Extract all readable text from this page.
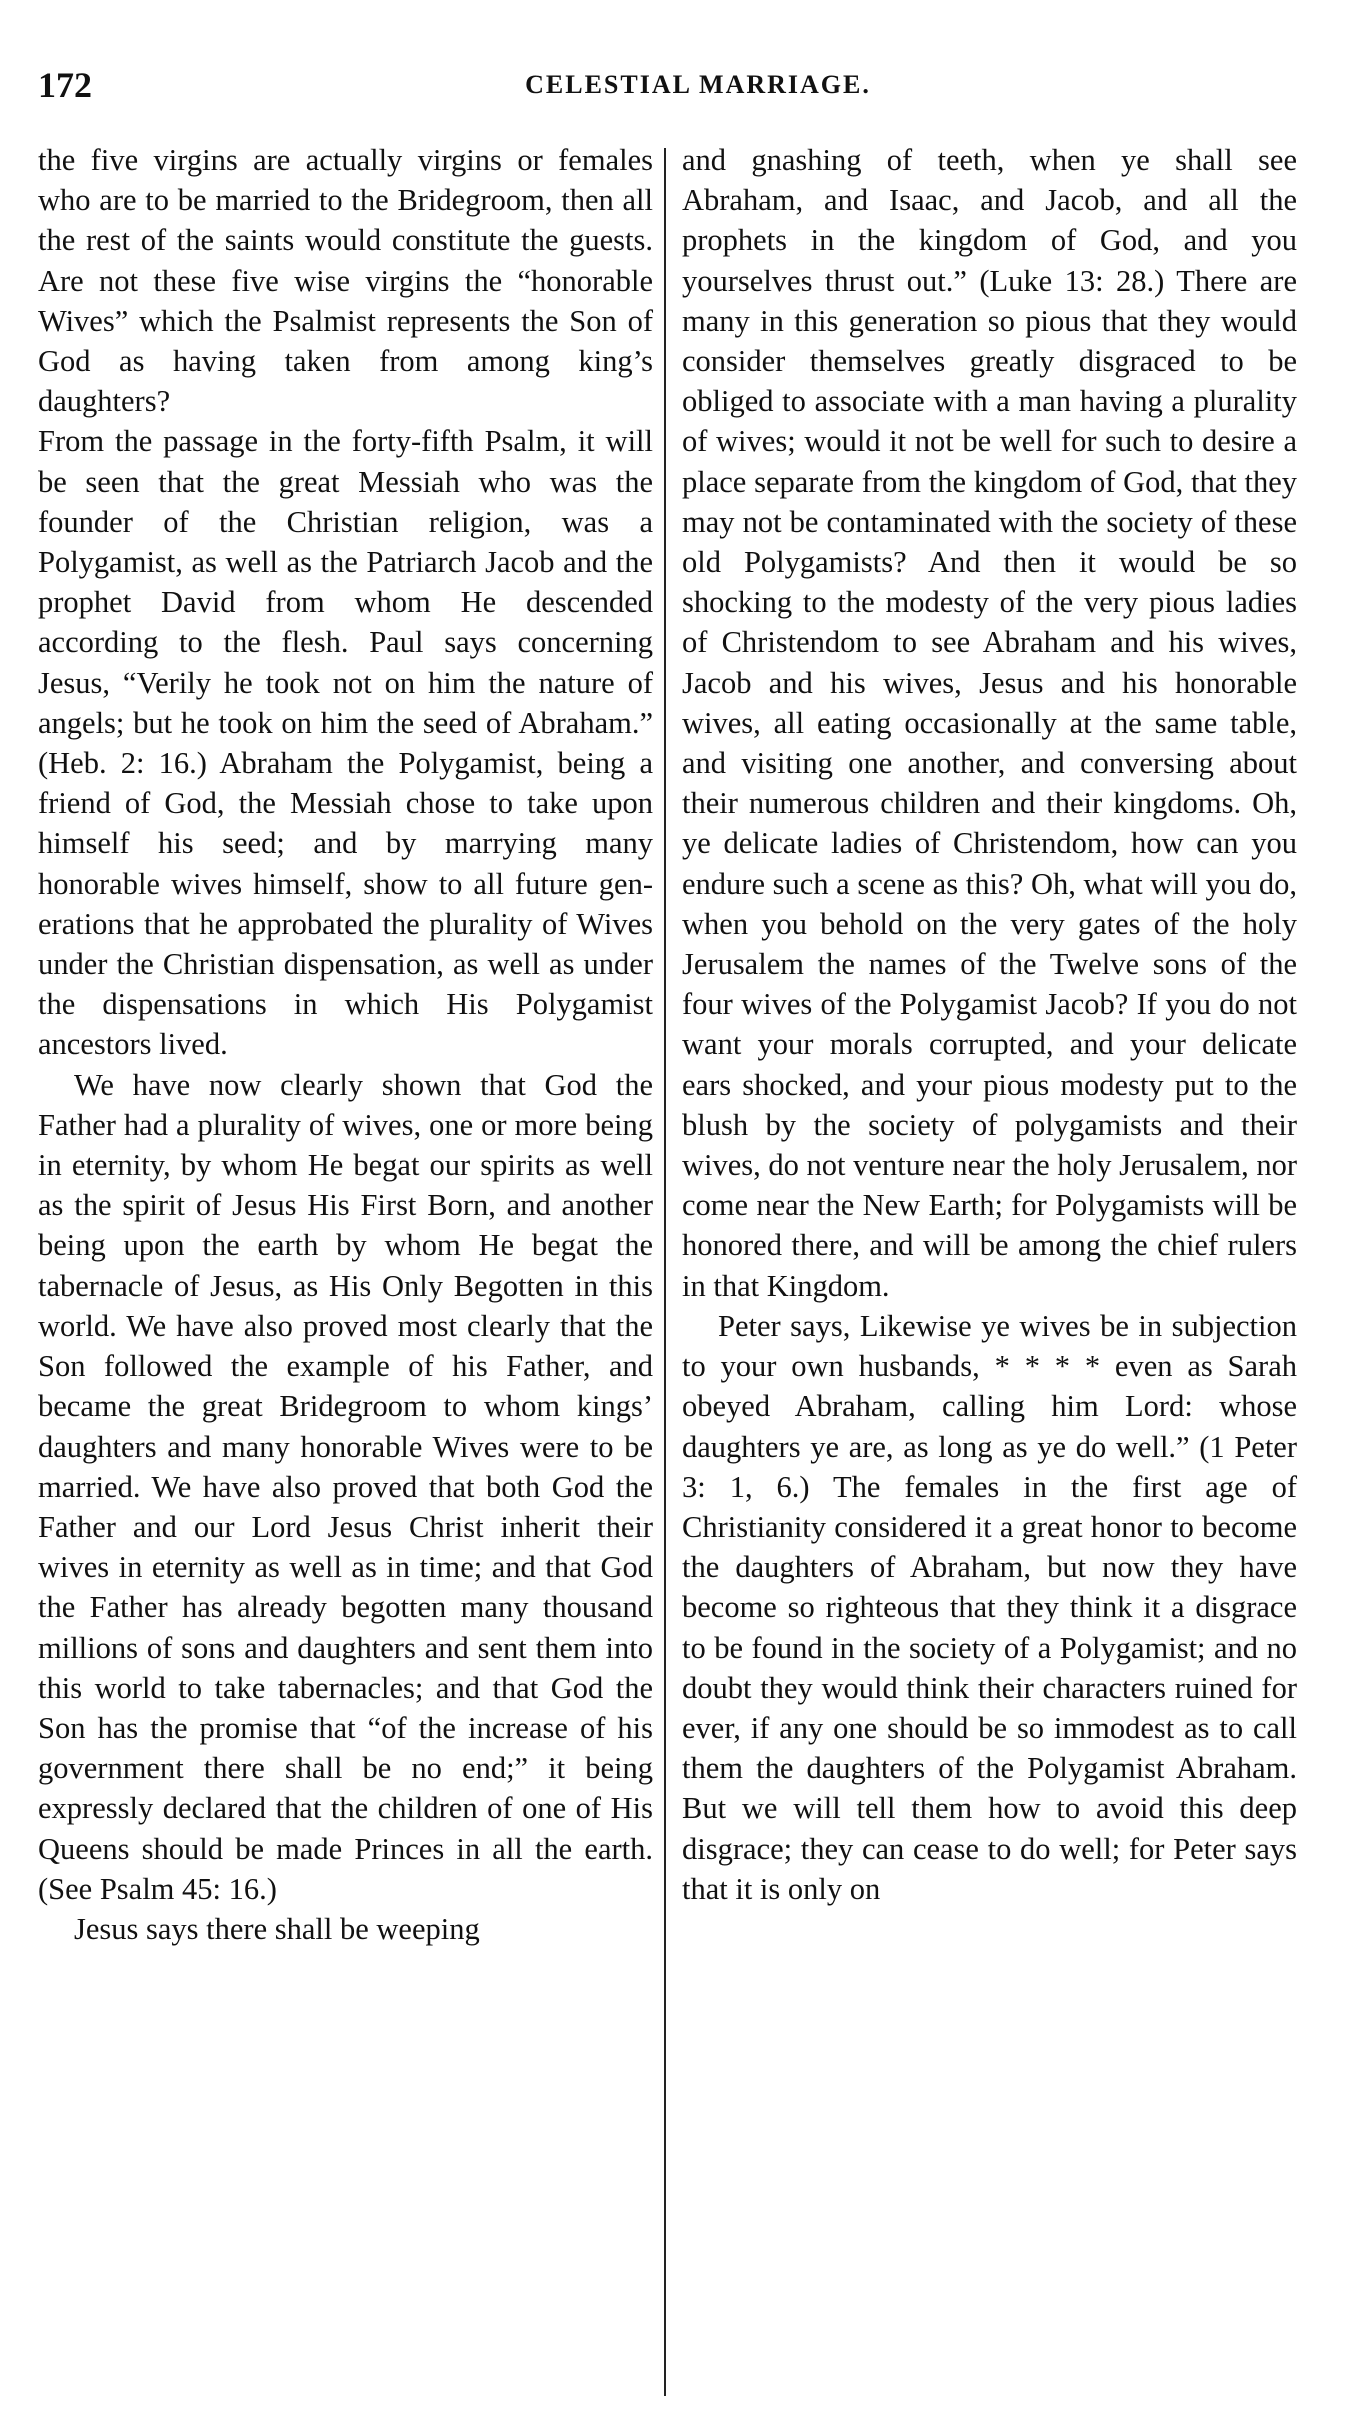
172	CELESTIAL MARRIAGE.

the five virgins are actually virgins or females who are to be married to the Bridegroom, then all the rest of the saints would constitute the guests. Are not these five wise virgins the “honorable Wives” which the Psalmist represents the Son of God as having taken from among king’s daughters?

From the passage in the forty-fifth Psalm, it will be seen that the great Messiah who was the founder of the Christian religion, was a Polygamist, as well as the Patriarch Jacob and the prophet David from whom He descended according to the flesh. Paul says concerning Jesus, “Verily he took not on him the nature of angels; but he took on him the seed of Abraham.” (Heb. 2: 16.) Abraham the Polygamist, being a friend of God, the Messiah chose to take upon himself his seed; and by marrying many honorable wives himself, show to all future generations that he approbated the plurality of Wives under the Christian dispensation, as well as under the dispensations in which His Polygamist ancestors lived.

We have now clearly shown that God the Father had a plurality of wives, one or more being in eternity, by whom He begat our spirits as well as the spirit of Jesus His First Born, and another being upon the earth by whom He begat the tabernacle of Jesus, as His Only Begotten in this world. We have also proved most clearly that the Son followed the example of his Father, and became the great Bridegroom to whom kings’ daughters and many honorable Wives were to be married. We have also proved that both God the Father and our Lord Jesus Christ inherit their wives in eternity as well as in time; and that God the Father has already begotten many thousand millions of sons and daughters and sent them into this world to take tabernacles; and that God the Son has the promise that “of the increase of his government there shall be no end;” it being expressly declared that the children of one of His Queens should be made Princes in all the earth. (See Psalm 45: 16.)

Jesus says there shall be weeping

and gnashing of teeth, when ye shall see Abraham, and Isaac, and Jacob, and all the prophets in the kingdom of God, and you yourselves thrust out.” (Luke 13: 28.) There are many in this generation so pious that they would consider themselves greatly disgraced to be obliged to associate with a man having a plurality of wives; would it not be well for such to desire a place separate from the kingdom of God, that they may not be contaminated with the society of these old Polygamists? And then it would be so shocking to the modesty of the very pious ladies of Christendom to see Abraham and his wives, Jacob and his wives, Jesus and his honorable wives, all eating occasionally at the same table, and visiting one another, and conversing about their numerous children and their kingdoms. Oh, ye delicate ladies of Christendom, how can you endure such a scene as this? Oh, what will you do, when you behold on the very gates of the holy Jerusalem the names of the Twelve sons of the four wives of the Polygamist Jacob? If you do not want your morals corrupted, and your delicate ears shocked, and your pious modesty put to the blush by the society of polygamists and their wives, do not venture near the holy Jerusalem, nor come near the New Earth; for Polygamists will be honored there, and will be among the chief rulers in that Kingdom.

Peter says, Likewise ye wives be in subjection to your own husbands, * * * * even as Sarah obeyed Abraham, calling him Lord: whose daughters ye are, as long as ye do well.” (1 Peter 3: 1, 6.) The females in the first age of Christianity considered it a great honor to become the daughters of Abraham, but now they have become so righteous that they think it a disgrace to be found in the society of a Polygamist; and no doubt they would think their characters ruined for ever, if any one should be so immodest as to call them the daughters of the Polygamist Abraham. But we will tell them how to avoid this deep disgrace; they can cease to do well; for Peter says that it is only on
